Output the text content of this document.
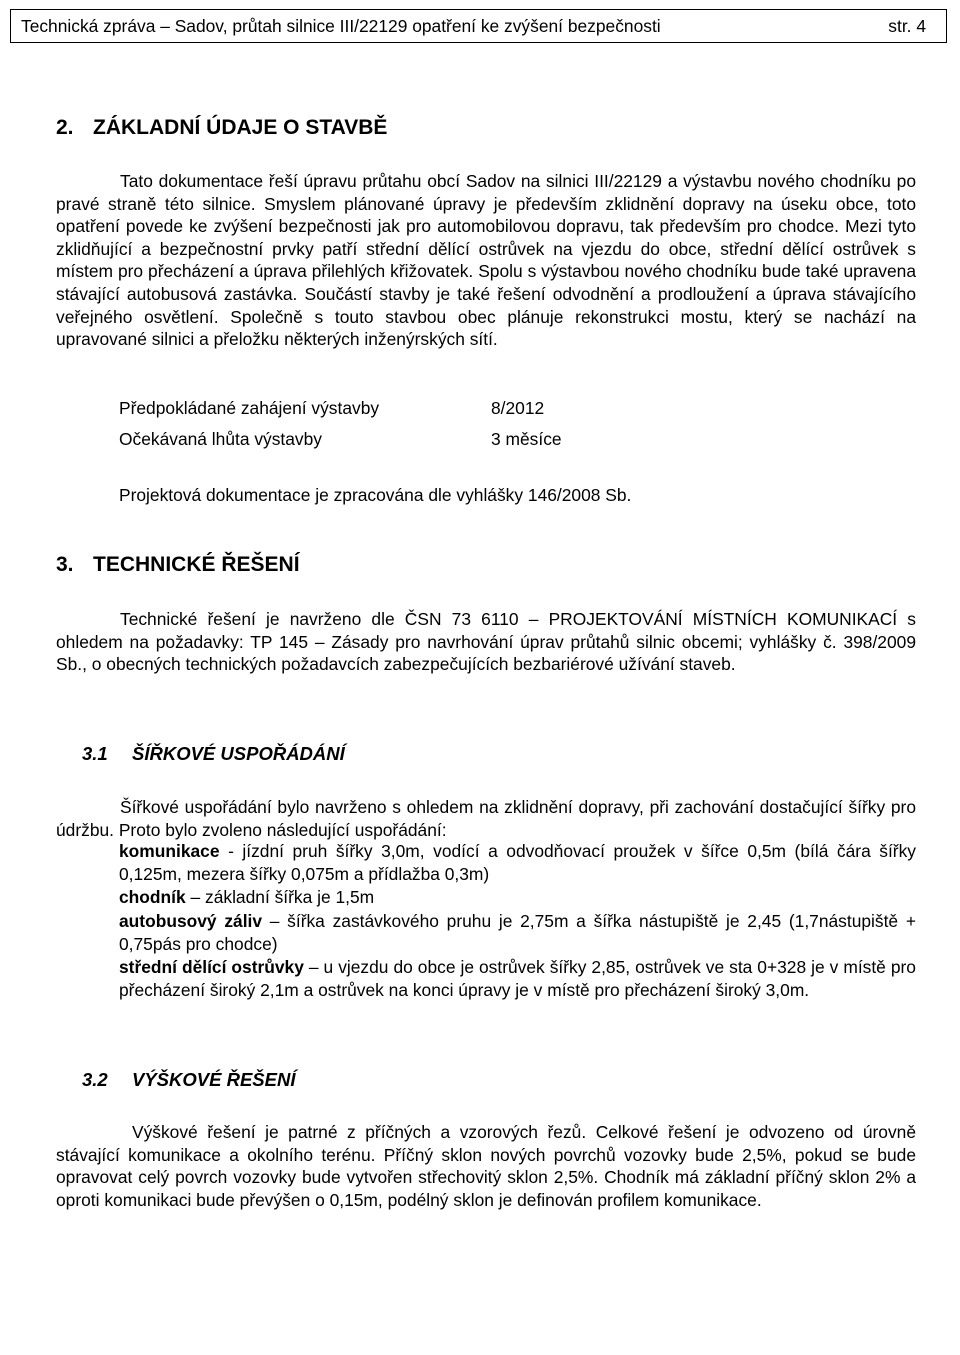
Technická zpráva – Sadov, průtah silnice III/22129 opatření ke zvýšení bezpečnosti	str. 4
2. ZÁKLADNÍ ÚDAJE O STAVBĚ

Tato dokumentace řeší úpravu průtahu obcí Sadov na silnici III/22129 a výstavbu nového chodníku po pravé straně této silnice. Smyslem plánované úpravy je především zklidnění dopravy na úseku obce, toto opatření povede ke zvýšení bezpečnosti jak pro automobilovou dopravu, tak především pro chodce. Mezi tyto zklidňující a bezpečnostní prvky patří střední dělící ostrůvek na vjezdu do obce, střední dělící ostrůvek s místem pro přecházení a úprava přilehlých křižovatek. Spolu s výstavbou nového chodníku bude také upravena stávající autobusová zastávka. Součástí stavby je také řešení odvodnění a prodloužení a úprava stávajícího veřejného osvětlení. Společně s touto stavbou obec plánuje rekonstrukci mostu, který se nachází na upravované silnici a přeložku některých inženýrských sítí.

Předpokládané zahájení výstavby	8/2012
Očekávaná lhůta výstavby	3 měsíce
Projektová dokumentace je zpracována dle vyhlášky 146/2008 Sb.
3. TECHNICKÉ ŘEŠENÍ

Technické řešení je navrženo dle ČSN 73 6110 – PROJEKTOVÁNÍ MÍSTNÍCH KOMUNIKACÍ s ohledem na požadavky: TP 145 – Zásady pro navrhování úprav průtahů silnic obcemi; vyhlášky č. 398/2009 Sb., o obecných technických požadavcích zabezpečujících bezbariérové užívání staveb.

3.1 ŠÍŘKOVÉ USPOŘÁDÁNÍ

Šířkové uspořádání bylo navrženo s ohledem na zklidnění dopravy, při zachování dostačující šířky pro údržbu. Proto bylo zvoleno následující uspořádání:

komunikace - jízdní pruh šířky 3,0m, vodící a odvodňovací proužek v šířce 0,5m (bílá čára šířky 0,125m, mezera šířky 0,075m a přídlažba 0,3m)

chodník – základní šířka je 1,5m

autobusový záliv – šířka zastávkového pruhu je 2,75m a šířka nástupiště je 2,45 (1,7nástupiště + 0,75pás pro chodce)

střední dělící ostrůvky – u vjezdu do obce je ostrůvek šířky 2,85, ostrůvek ve sta 0+328 je v místě pro přecházení široký 2,1m a ostrůvek na konci úpravy je v místě pro přecházení široký 3,0m.

3.2 VÝŠKOVÉ ŘEŠENÍ

Výškové řešení je patrné z příčných a vzorových řezů. Celkové řešení je odvozeno od úrovně stávající komunikace a okolního terénu. Příčný sklon nových povrchů vozovky bude 2,5%, pokud se bude opravovat celý povrch vozovky bude vytvořen střechovitý sklon 2,5%. Chodník má základní příčný sklon 2% a oproti komunikaci bude převýšen o 0,15m, podélný sklon je definován profilem komunikace.
